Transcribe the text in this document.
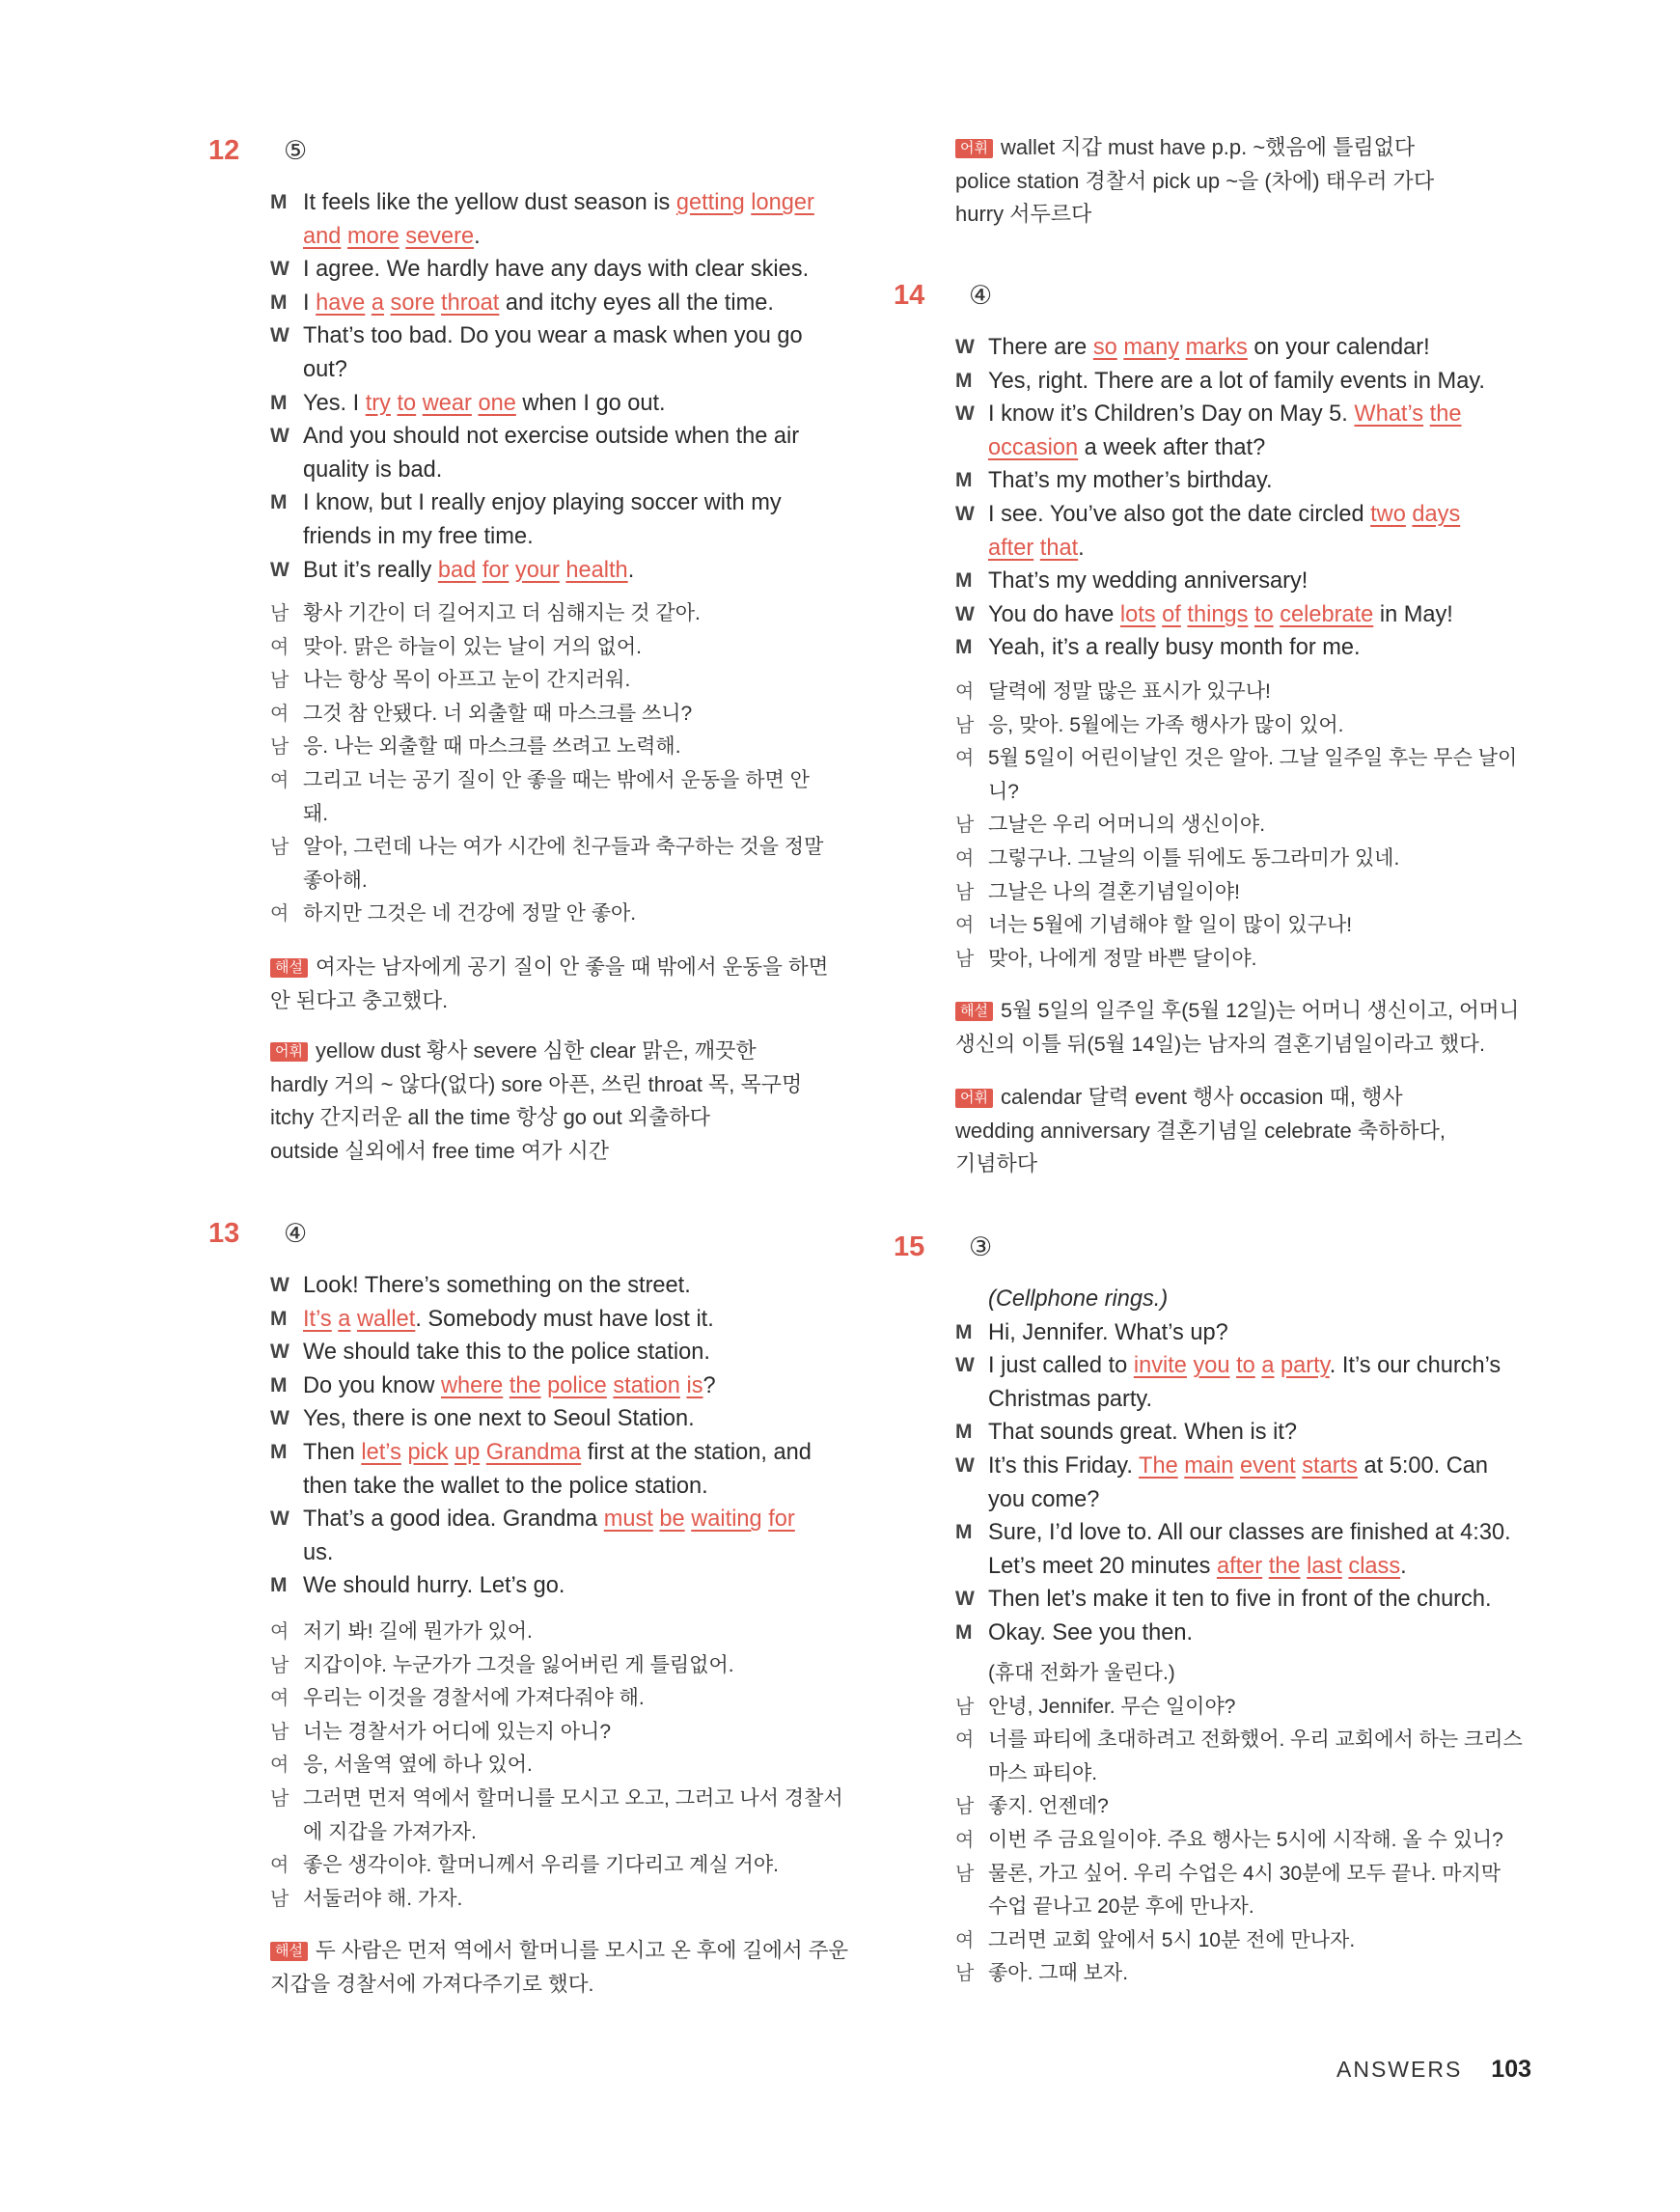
12	⑤
M It feels like the yellow dust season is getting longer
and more severe.
W I agree. We hardly have any days with clear skies.
M I have a sore throat and itchy eyes all the time.
W That’s too bad. Do you wear a mask when you go
out?
M Yes. I try to wear one when I go out.
W And you should not exercise outside when the air
quality is bad.
M I know, but I really enjoy playing soccer with my
friends in my free time.
W But it’s really bad for your health.
남 황사 기간이 더 길어지고 더 심해지는 것 같아.
여 맞아. 맑은 하늘이 있는 날이 거의 없어.
남 나는 항상 목이 아프고 눈이 간지러워.
여 그것 참 안됐다. 너 외출할 때 마스크를 쓰니?
남 응. 나는 외출할 때 마스크를 쓰려고 노력해.
여 그리고 너는 공기 질이 안 좋을 때는 밖에서 운동을 하면 안
돼.
남 알아, 그런데 나는 여가 시간에 친구들과 축구하는 것을 정말
좋아해.
여 하지만 그것은 네 건강에 정말 안 좋아.
해설 여자는 남자에게 공기 질이 안 좋을 때 밖에서 운동을 하면
안 된다고 충고했다.
어휘 yellow dust 황사 severe 심한 clear 맑은, 깨끗한
hardly 거의 ~ 않다(없다) sore 아픈, 쓰린 throat 목, 목구멍
itchy 간지러운 all the time 항상 go out 외출하다
outside 실외에서 free time 여가 시간
13	④
W Look! There’s something on the street.
M It’s a wallet. Somebody must have lost it.
W We should take this to the police station.
M Do you know where the police station is?
W Yes, there is one next to Seoul Station.
M Then let’s pick up Grandma first at the station, and
then take the wallet to the police station.
W That’s a good idea. Grandma must be waiting for
us.
M We should hurry. Let’s go.
여 저기 봐! 길에 뭔가가 있어.
남 지갑이야. 누군가가 그것을 잃어버린 게 틀림없어.
여 우리는 이것을 경찰서에 가져다줘야 해.
남 너는 경찰서가 어디에 있는지 아니?
여 응, 서울역 옆에 하나 있어.
남 그러면 먼저 역에서 할머니를 모시고 오고, 그러고 나서 경찰서
에 지갑을 가져가자.
여 좋은 생각이야. 할머니께서 우리를 기다리고 계실 거야.
남 서둘러야 해. 가자.
해설 두 사람은 먼저 역에서 할머니를 모시고 온 후에 길에서 주운
지갑을 경찰서에 가져다주기로 했다.
어휘 wallet 지갑 must have p.p. ~했음에 틀림없다
police station 경찰서 pick up ~을 (차에) 태우러 가다
hurry 서두르다
14	④
W There are so many marks on your calendar!
M Yes, right. There are a lot of family events in May.
W I know it’s Children’s Day on May 5. What’s the
occasion a week after that?
M That’s my mother’s birthday.
W I see. You’ve also got the date circled two days
after that.
M That’s my wedding anniversary!
W You do have lots of things to celebrate in May!
M Yeah, it’s a really busy month for me.
여 달력에 정말 많은 표시가 있구나!
남 응, 맞아. 5월에는 가족 행사가 많이 있어.
여 5월 5일이 어린이날인 것은 알아. 그날 일주일 후는 무슨 날이
니?
남 그날은 우리 어머니의 생신이야.
여 그렇구나. 그날의 이틀 뒤에도 동그라미가 있네.
남 그날은 나의 결혼기념일이야!
여 너는 5월에 기념해야 할 일이 많이 있구나!
남 맞아, 나에게 정말 바쁜 달이야.
해설 5월 5일의 일주일 후(5월 12일)는 어머니 생신이고, 어머니
생신의 이틀 뒤(5월 14일)는 남자의 결혼기념일이라고 했다.
어휘 calendar 달력 event 행사 occasion 때, 행사
wedding anniversary 결혼기념일 celebrate 축하하다,
기념하다
15	③
(Cellphone rings.)
M Hi, Jennifer. What’s up?
W I just called to invite you to a party. It’s our church’s
Christmas party.
M That sounds great. When is it?
W It’s this Friday. The main event starts at 5:00. Can
you come?
M Sure, I’d love to. All our classes are finished at 4:30.
Let’s meet 20 minutes after the last class.
W Then let’s make it ten to five in front of the church.
M Okay. See you then.
(휴대 전화가 울린다.)
남 안녕, Jennifer. 무슨 일이야?
여 너를 파티에 초대하려고 전화했어. 우리 교회에서 하는 크리스
마스 파티야.
남 좋지. 언젠데?
여 이번 주 금요일이야. 주요 행사는 5시에 시작해. 올 수 있니?
남 물론, 가고 싶어. 우리 수업은 4시 30분에 모두 끝나. 마지막
수업 끝나고 20분 후에 만나자.
여 그러면 교회 앞에서 5시 10분 전에 만나자.
남 좋아. 그때 보자.
ANSWERS 103
